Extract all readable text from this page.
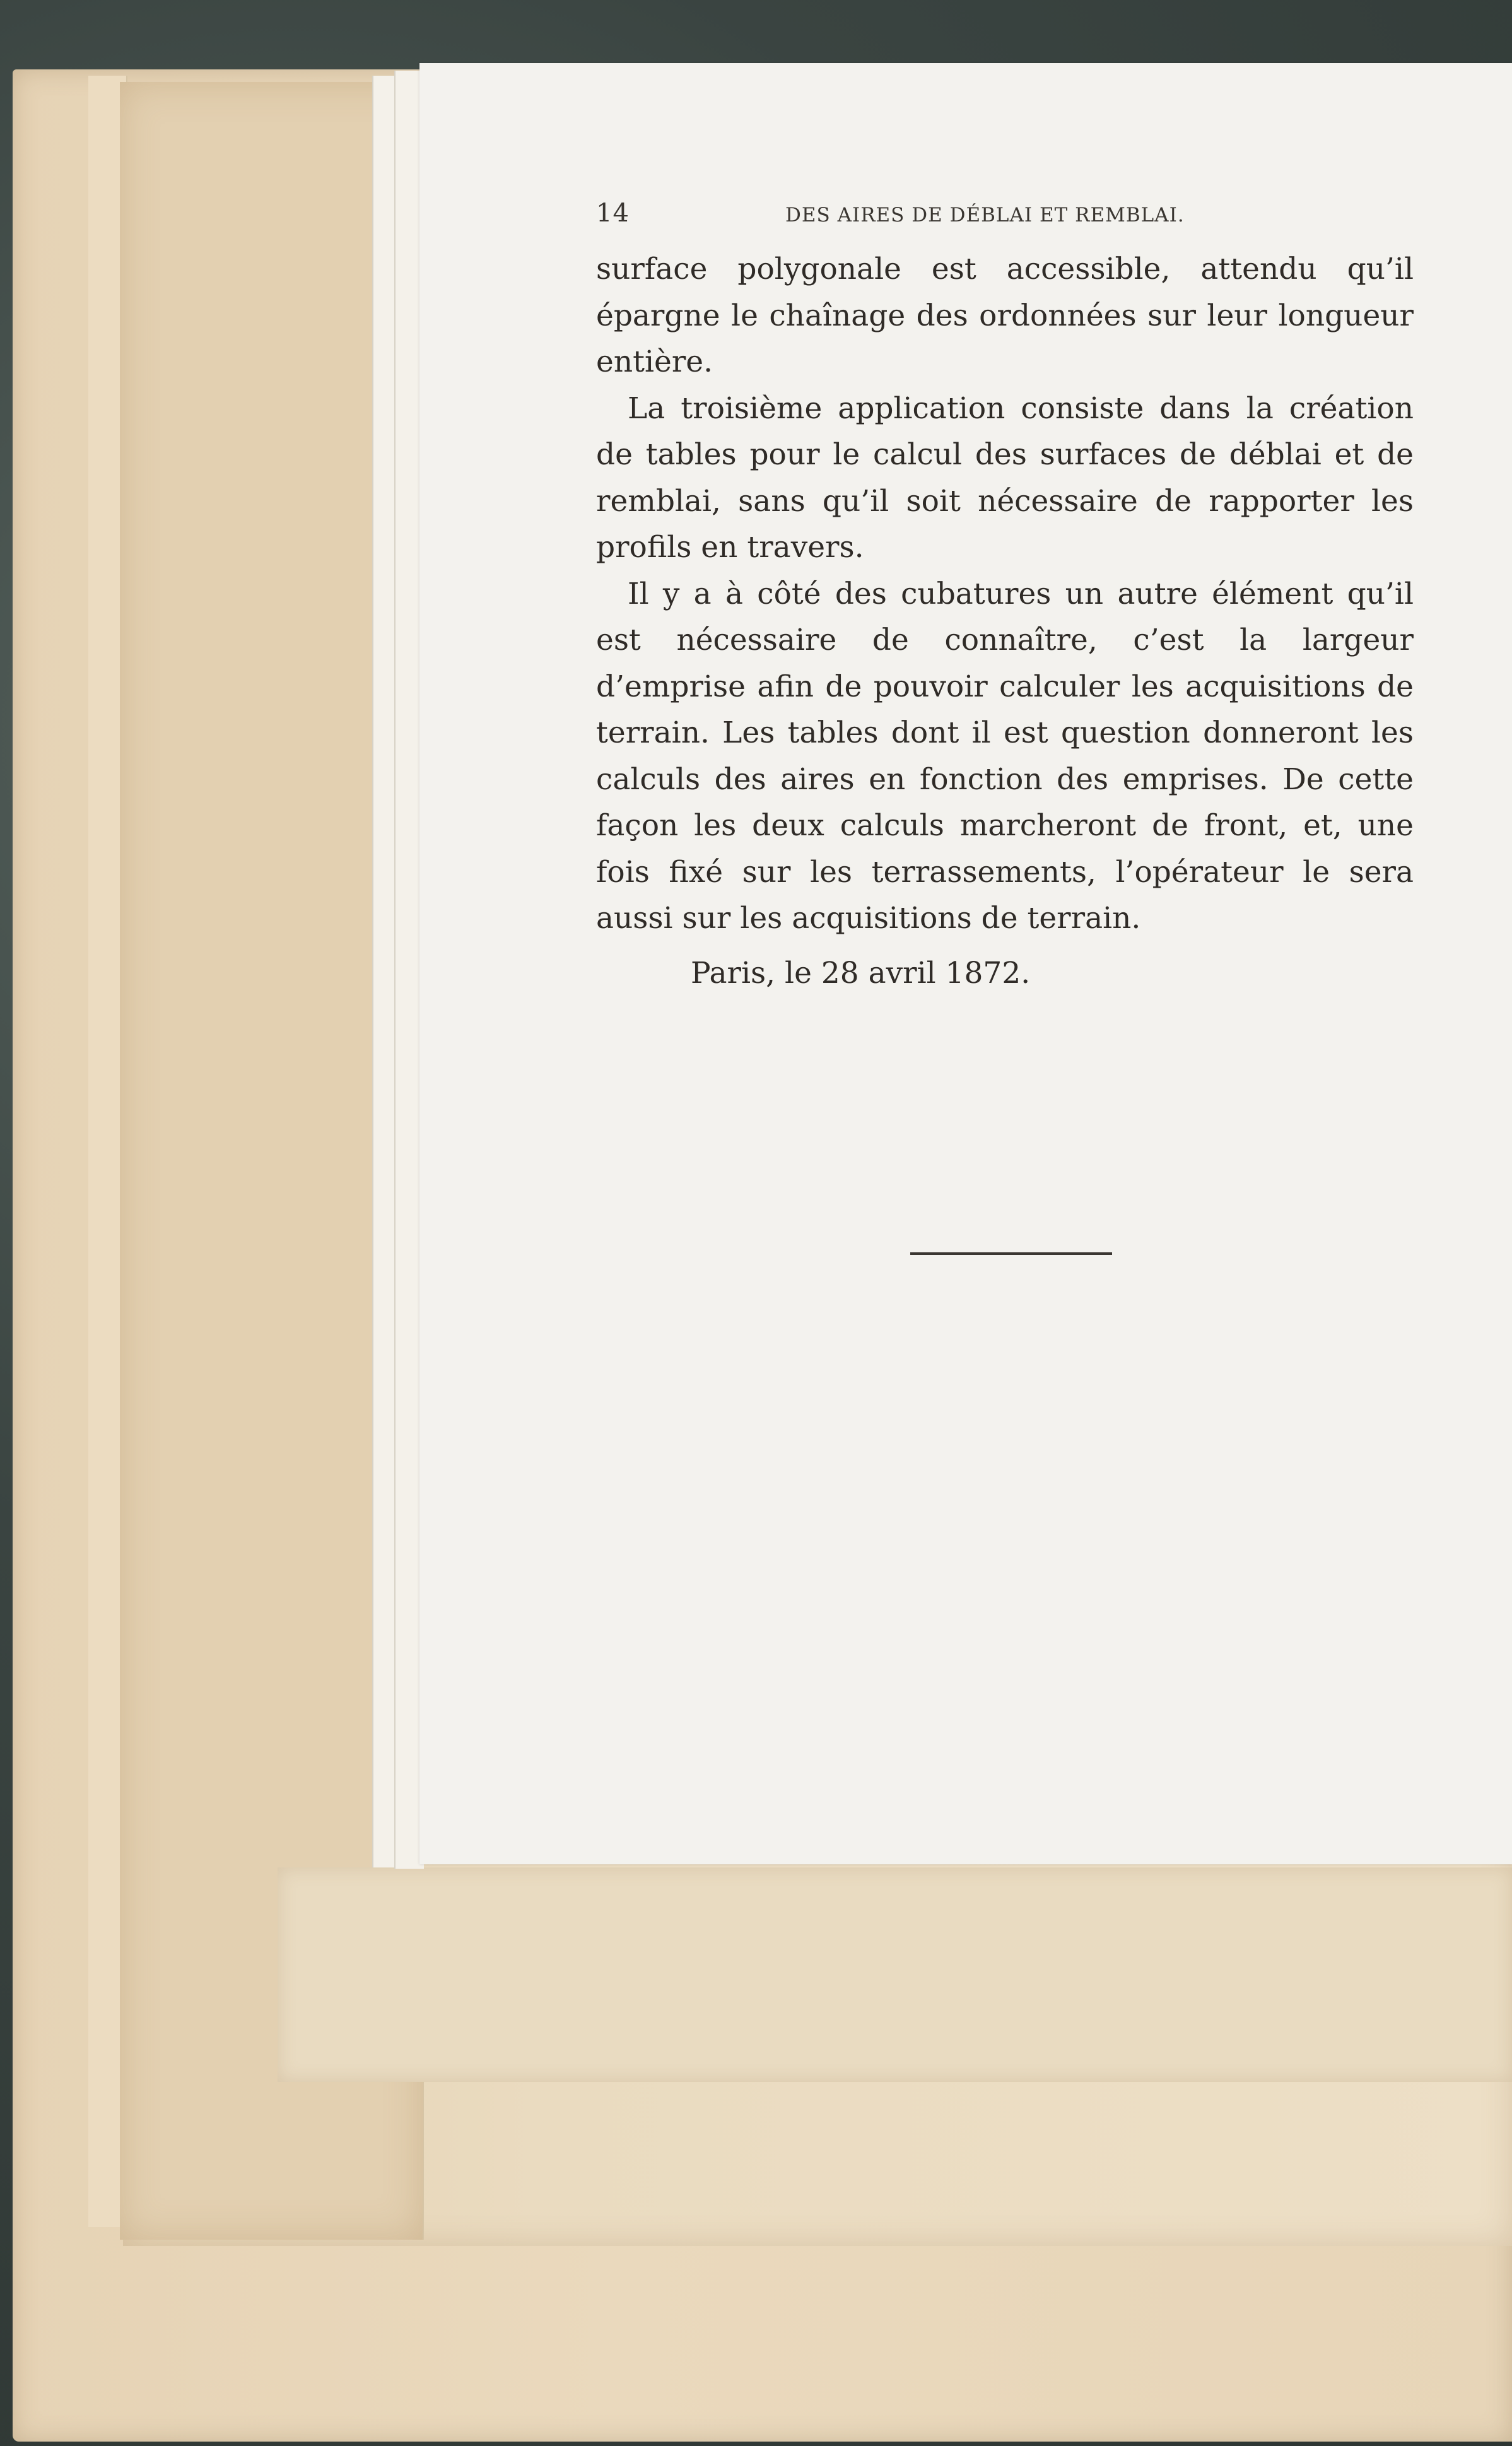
14	DES AIRES DE DÉBLAI ET REMBLAI.

surface polygonale est accessible, attendu qu’il épargne le chaînage des ordonnées sur leur longueur entière.

La troisième application consiste dans la création de tables pour le calcul des surfaces de déblai et de remblai, sans qu’il soit nécessaire de rapporter les profils en travers.

Il y a à côté des cubatures un autre élément qu’il est nécessaire de connaître, c’est la largeur d’emprise afin de pouvoir calculer les acquisitions de terrain. Les tables dont il est question donneront les calculs des aires en fonction des emprises. De cette façon les deux calculs marcheront de front, et, une fois fixé sur les terrassements, l’opérateur le sera aussi sur les acquisitions de terrain.

Paris, le 28 avril 1872.
